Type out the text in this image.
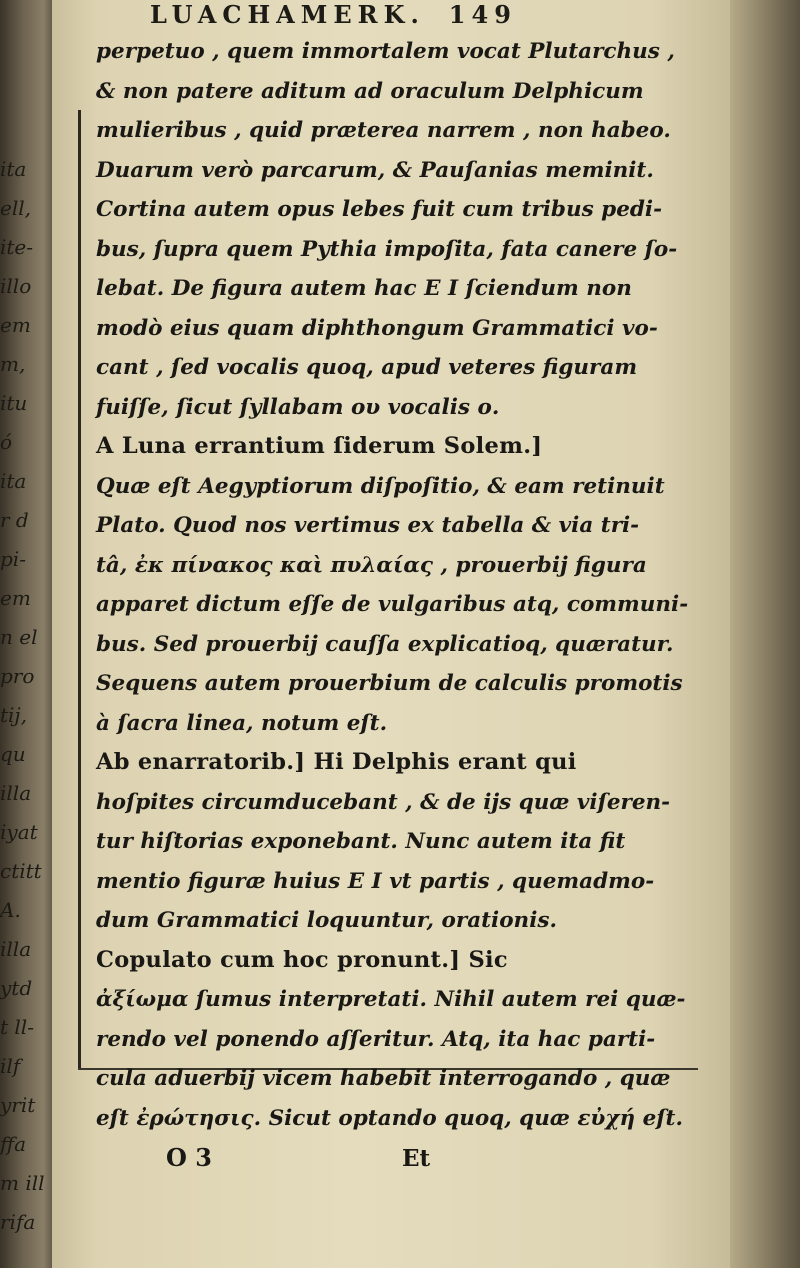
ita
ell,
ite-
illo
em
m,
itu
ó
ita
r d
pi-
em
n el
pro
tij,
qu
illa
iyat
ctitt
A.
illa
ytd
t ll-
ilf
yrit
ffa
m ill
rifa
LUACHAMERK. 149
perpetuo , quem immortalem vocat Plutarchus ,
& non patere aditum ad oraculum Delphicum
mulieribus , quid præterea narrem , non habeo.
Duarum verò parcarum, & Pauſanias meminit.
Cortina autem opus lebes fuit cum tribus pedi-
bus, ſupra quem Pythia impoſita, fata canere ſo-
lebat. De figura autem hac E I ſciendum non
modò eius quam diphthongum Grammatici vo-
cant , ſed vocalis quoq, apud veteres figuram
fuiſſe, ſicut ſyllabam ου vocalis ο.
A Luna errantium ſiderum Solem.]
Quæ eſt Aegyptiorum diſpoſitio, & eam retinuit
Plato. Quod nos vertimus ex tabella & via tri-
tâ, ἐκ πίνακος καὶ πυλαίας , prouerbij figura
apparet dictum eſſe de vulgaribus atq, communi-
bus. Sed prouerbij cauſſa explicatioq, quæratur.
Sequens autem prouerbium de calculis promotis
à ſacra linea, notum eſt.
Ab enarratorib.] Hi Delphis erant qui
hoſpites circumducebant , & de ijs quæ viſeren-
tur hiſtorias exponebant. Nunc autem ita fit
mentio figuræ huius E I vt partis , quemadmo-
dum Grammatici loquuntur, orationis.
Copulato cum hoc pronunt.] Sic
ἀξίωμα ſumus interpretati. Nihil autem rei quæ-
rendo vel ponendo aſſeritur. Atq, ita hac parti-
cula aduerbij vicem habebit interrogando , quæ
eſt ἐρώτησις. Sicut optando quoq, quæ εὐχή eſt.
O 3	Et
